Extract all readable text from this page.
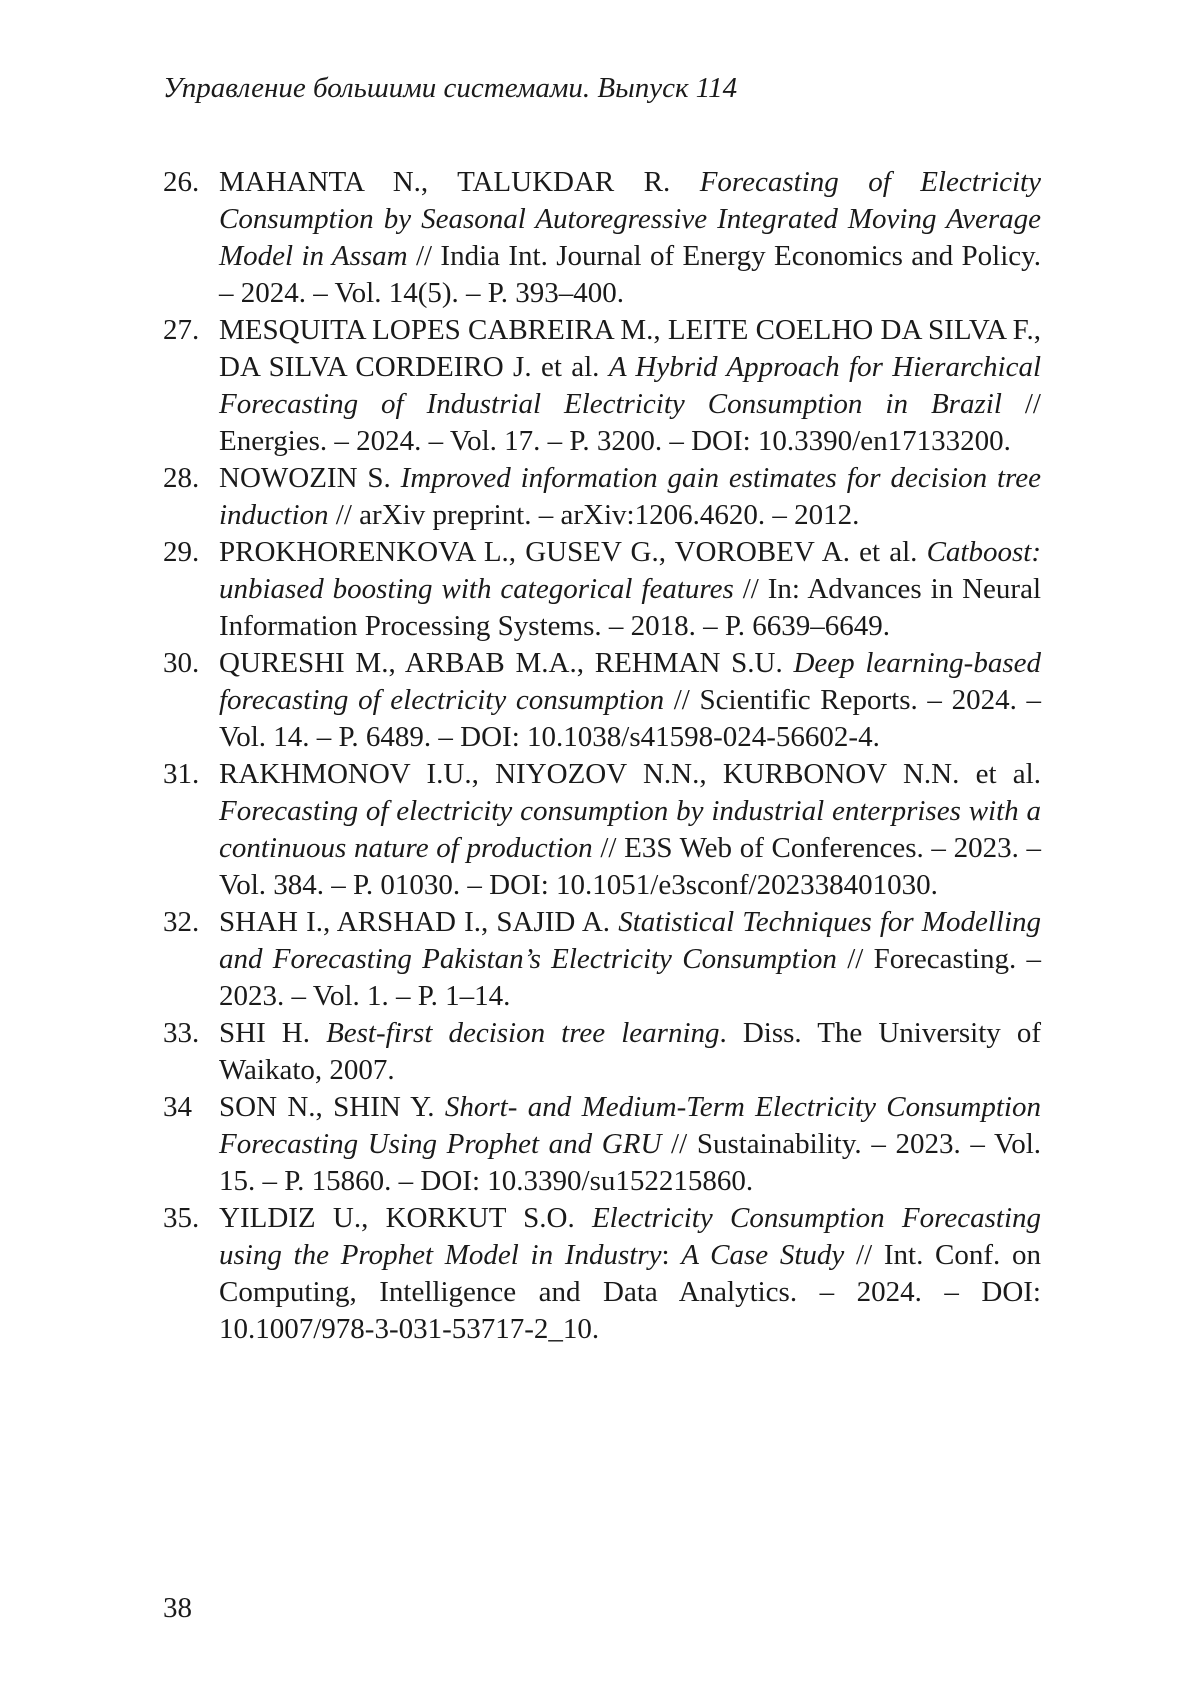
Управление большими системами. Выпуск 114
26. MAHANTA N., TALUKDAR R. Forecasting of Electricity Consumption by Seasonal Autoregressive Integrated Moving Average Model in Assam // India Int. Journal of Energy Eco­nomics and Policy. – 2024. – Vol. 14(5). – P. 393–400.
27. MESQUITA LOPES CABREIRA M., LEITE COELHO DA SILVA F., DA SILVA CORDEIRO J. et al. A Hybrid Approach for Hierarchical Forecasting of Industrial Electricity Consump­tion in Brazil // Energies. – 2024. – Vol. 17. – P. 3200. – DOI: 10.3390/en17133200.
28. NOWOZIN S. Improved information gain estimates for decision tree induction // arXiv preprint. – arXiv:1206.4620. – 2012.
29. PROKHORENKOVA L., GUSEV G., VOROBEV A. et al. Catboost: unbiased boosting with categorical features // In: Advances in Neural Information Processing Systems. – 2018. – P. 6639–6649.
30. QURESHI M., ARBAB M.A., REHMAN S.U. Deep learn­ing-based forecasting of electricity consumption // Scientific Reports. – 2024. – Vol. 14. – P. 6489. – DOI: 10.1038/s41598-024-56602-4.
31. RAKHMONOV I.U., NIYOZOV N.N., KURBONOV N.N. et al. Forecasting of electricity consumption by industrial enter­prises with a continuous nature of production // E3S Web of Conferences. – 2023. – Vol. 384. – P. 01030. – DOI: 10.1051/e3sconf/202338401030.
32. SHAH I., ARSHAD I., SAJID A. Statistical Techniques for Modelling and Forecasting Pakistan’s Electricity Consump­tion // Forecasting. – 2023. – Vol. 1. – P. 1–14.
33. SHI H. Best-first decision tree learning. Diss. The University of Waikato, 2007.
34 SON N., SHIN Y. Short- and Medium-Term Electricity Consump­tion Forecasting Using Prophet and GRU // Sustainability. – 2023. – Vol. 15. – P. 15860. – DOI: 10.3390/su152215860.
35. YILDIZ U., KORKUT S.O. Electricity Consumption Forecast­ing using the Prophet Model in Industry: A Case Study // Int. Conf. on Computing, Intelligence and Data Analytics. – 2024. – DOI: 10.1007/978-3-031-53717-2_10.
38
